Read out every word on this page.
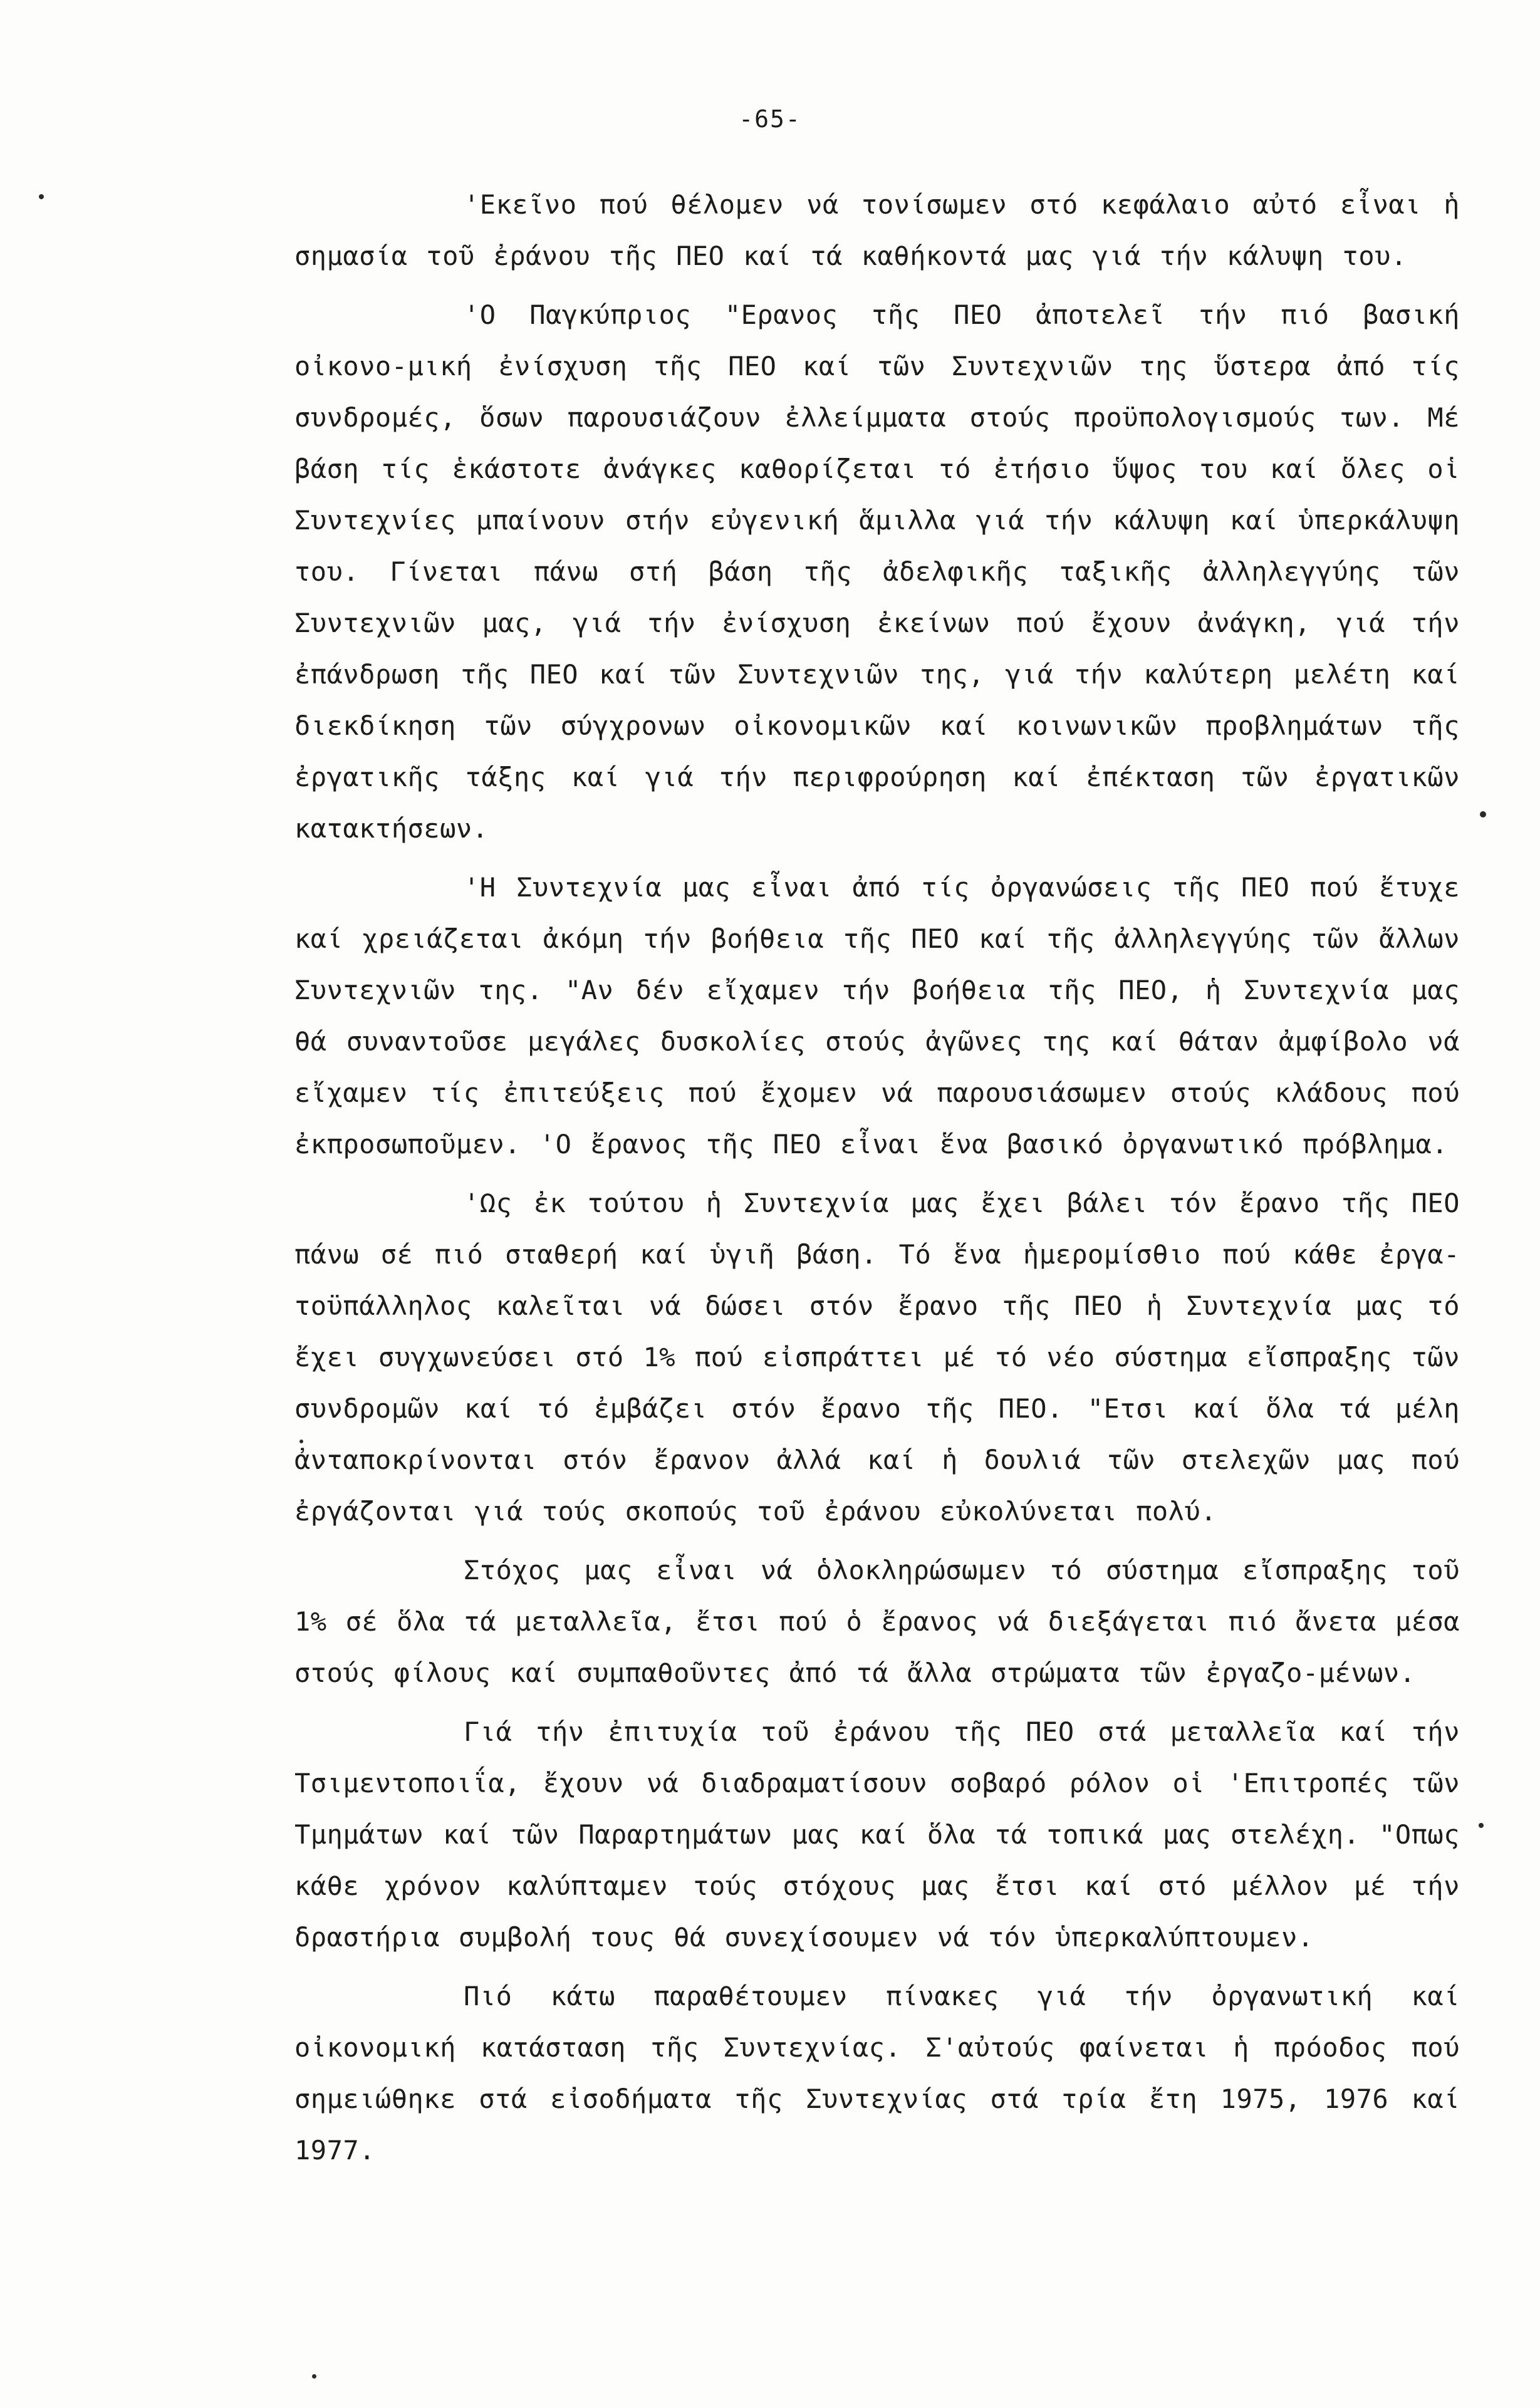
-65-

'Εκεῖνο πού θέλομεν νά τονίσωμεν στό κεφάλαιο αὐτό εἶναι ἡ σημασία τοῦ ἐράνου τῆς ΠΕΟ καί τά καθήκοντά μας γιά τήν κάλυψη του.

'Ο Παγκύπριος "Ερανος τῆς ΠΕΟ ἀποτελεῖ τήν πιό βασική οἰκονο-μική ἐνίσχυση τῆς ΠΕΟ καί τῶν Συντεχνιῶν της ὕστερα ἀπό τίς συνδρομές, ὅσων παρουσιάζουν ἐλλείμματα στούς προϋπολογισμούς των. Μέ βάση τίς ἑκάστοτε ἀνάγκες καθορίζεται τό ἐτήσιο ὕψος του καί ὅλες οἱ Συντεχνίες μπαίνουν στήν εὐγενική ἅμιλλα γιά τήν κάλυψη καί ὑπερκάλυψη του. Γίνεται πάνω στή βάση τῆς ἀδελφικῆς ταξικῆς ἀλληλεγγύης τῶν Συντεχνιῶν μας, γιά τήν ἐνίσχυση ἐκείνων πού ἔχουν ἀνάγκη, γιά τήν ἐπάνδρωση τῆς ΠΕΟ καί τῶν Συντεχνιῶν της, γιά τήν καλύτερη μελέτη καί διεκδίκηση τῶν σύγχρονων οἰκονομικῶν καί κοινωνικῶν προβλημάτων τῆς ἐργατικῆς τάξης καί γιά τήν περιφρούρηση καί ἐπέκταση τῶν ἐργατικῶν κατακτήσεων.

'Η Συντεχνία μας εἶναι ἀπό τίς ὀργανώσεις τῆς ΠΕΟ πού ἔτυχε καί χρειάζεται ἀκόμη τήν βοήθεια τῆς ΠΕΟ καί τῆς ἀλληλεγγύης τῶν ἄλλων Συντεχνιῶν της. "Αν δέν εἴχαμεν τήν βοήθεια τῆς ΠΕΟ, ἡ Συντεχνία μας θά συναντοῦσε μεγάλες δυσκολίες στούς ἀγῶνες της καί θάταν ἀμφίβολο νά εἴχαμεν τίς ἐπιτεύξεις πού ἔχομεν νά παρουσιάσωμεν στούς κλάδους πού ἐκπροσωποῦμεν. 'Ο ἔρανος τῆς ΠΕΟ εἶναι ἕνα βασικό ὀργανωτικό πρόβλημα.

'Ως ἐκ τούτου ἡ Συντεχνία μας ἔχει βάλει τόν ἔρανο τῆς ΠΕΟ πάνω σέ πιό σταθερή καί ὑγιῆ βάση. Τό ἕνα ἡμερομίσθιο πού κάθε ἐργα-τοϋπάλληλος καλεῖται νά δώσει στόν ἔρανο τῆς ΠΕΟ ἡ Συντεχνία μας τό ἔχει συγχωνεύσει στό 1% πού εἰσπράττει μέ τό νέο σύστημα εἴσπραξης τῶν συνδρομῶν καί τό ἐμβάζει στόν ἔρανο τῆς ΠΕΟ. "Ετσι καί ὅλα τά μέλη ἀνταποκρίνονται στόν ἔρανον ἀλλά καί ἡ δουλιά τῶν στελεχῶν μας πού ἐργάζονται γιά τούς σκοπούς τοῦ ἐράνου εὐκολύνεται πολύ.

Στόχος μας εἶναι νά ὁλοκληρώσωμεν τό σύστημα εἴσπραξης τοῦ 1% σέ ὅλα τά μεταλλεῖα, ἔτσι πού ὁ ἔρανος νά διεξάγεται πιό ἄνετα μέσα στούς φίλους καί συμπαθοῦντες ἀπό τά ἄλλα στρώματα τῶν ἐργαζο-μένων.

Γιά τήν ἐπιτυχία τοῦ ἐράνου τῆς ΠΕΟ στά μεταλλεῖα καί τήν Τσιμεντοποιΐα, ἔχουν νά διαδραματίσουν σοβαρό ρόλον οἱ 'Επιτροπές τῶν Τμημάτων καί τῶν Παραρτημάτων μας καί ὅλα τά τοπικά μας στελέχη. "Οπως κάθε χρόνον καλύπταμεν τούς στόχους μας ἔτσι καί στό μέλλον μέ τήν δραστήρια συμβολή τους θά συνεχίσουμεν νά τόν ὑπερκαλύπτουμεν.

Πιό κάτω παραθέτουμεν πίνακες γιά τήν ὀργανωτική καί οἰκονομική κατάσταση τῆς Συντεχνίας. Σ'αὐτούς φαίνεται ἡ πρόοδος πού σημειώθηκε στά εἰσοδήματα τῆς Συντεχνίας στά τρία ἔτη 1975, 1976 καί 1977.
